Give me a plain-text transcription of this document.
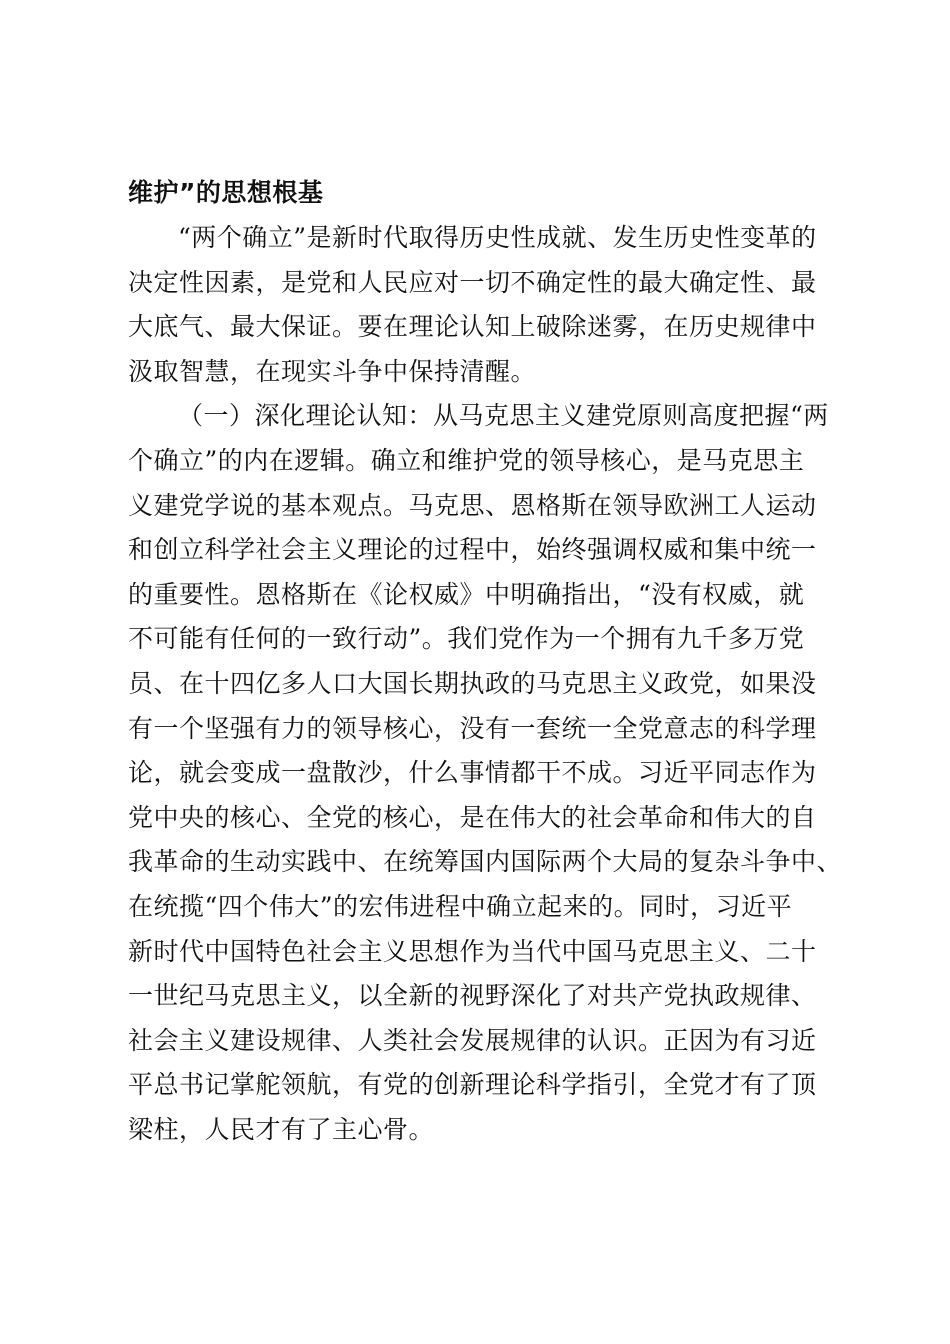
维护”的思想根基
“两个确立”是新时代取得历史性成就、发生历史性变革的
决定性因素，是党和人民应对一切不确定性的最大确定性、最
大底气、最大保证。要在理论认知上破除迷雾，在历史规律中
汲取智慧，在现实斗争中保持清醒。
（一）深化理论认知：从马克思主义建党原则高度把握“两
个确立”的内在逻辑。确立和维护党的领导核心，是马克思主
义建党学说的基本观点。马克思、恩格斯在领导欧洲工人运动
和创立科学社会主义理论的过程中，始终强调权威和集中统一
的重要性。恩格斯在《论权威》中明确指出，“没有权威，就
不可能有任何的一致行动”。我们党作为一个拥有九千多万党
员、在十四亿多人口大国长期执政的马克思主义政党，如果没
有一个坚强有力的领导核心，没有一套统一全党意志的科学理
论，就会变成一盘散沙，什么事情都干不成。习近平同志作为
党中央的核心、全党的核心，是在伟大的社会革命和伟大的自
我革命的生动实践中、在统筹国内国际两个大局的复杂斗争中、
在统揽“四个伟大”的宏伟进程中确立起来的。同时，习近平
新时代中国特色社会主义思想作为当代中国马克思主义、二十
一世纪马克思主义，以全新的视野深化了对共产党执政规律、
社会主义建设规律、人类社会发展规律的认识。正因为有习近
平总书记掌舵领航，有党的创新理论科学指引，全党才有了顶
梁柱，人民才有了主心骨。
